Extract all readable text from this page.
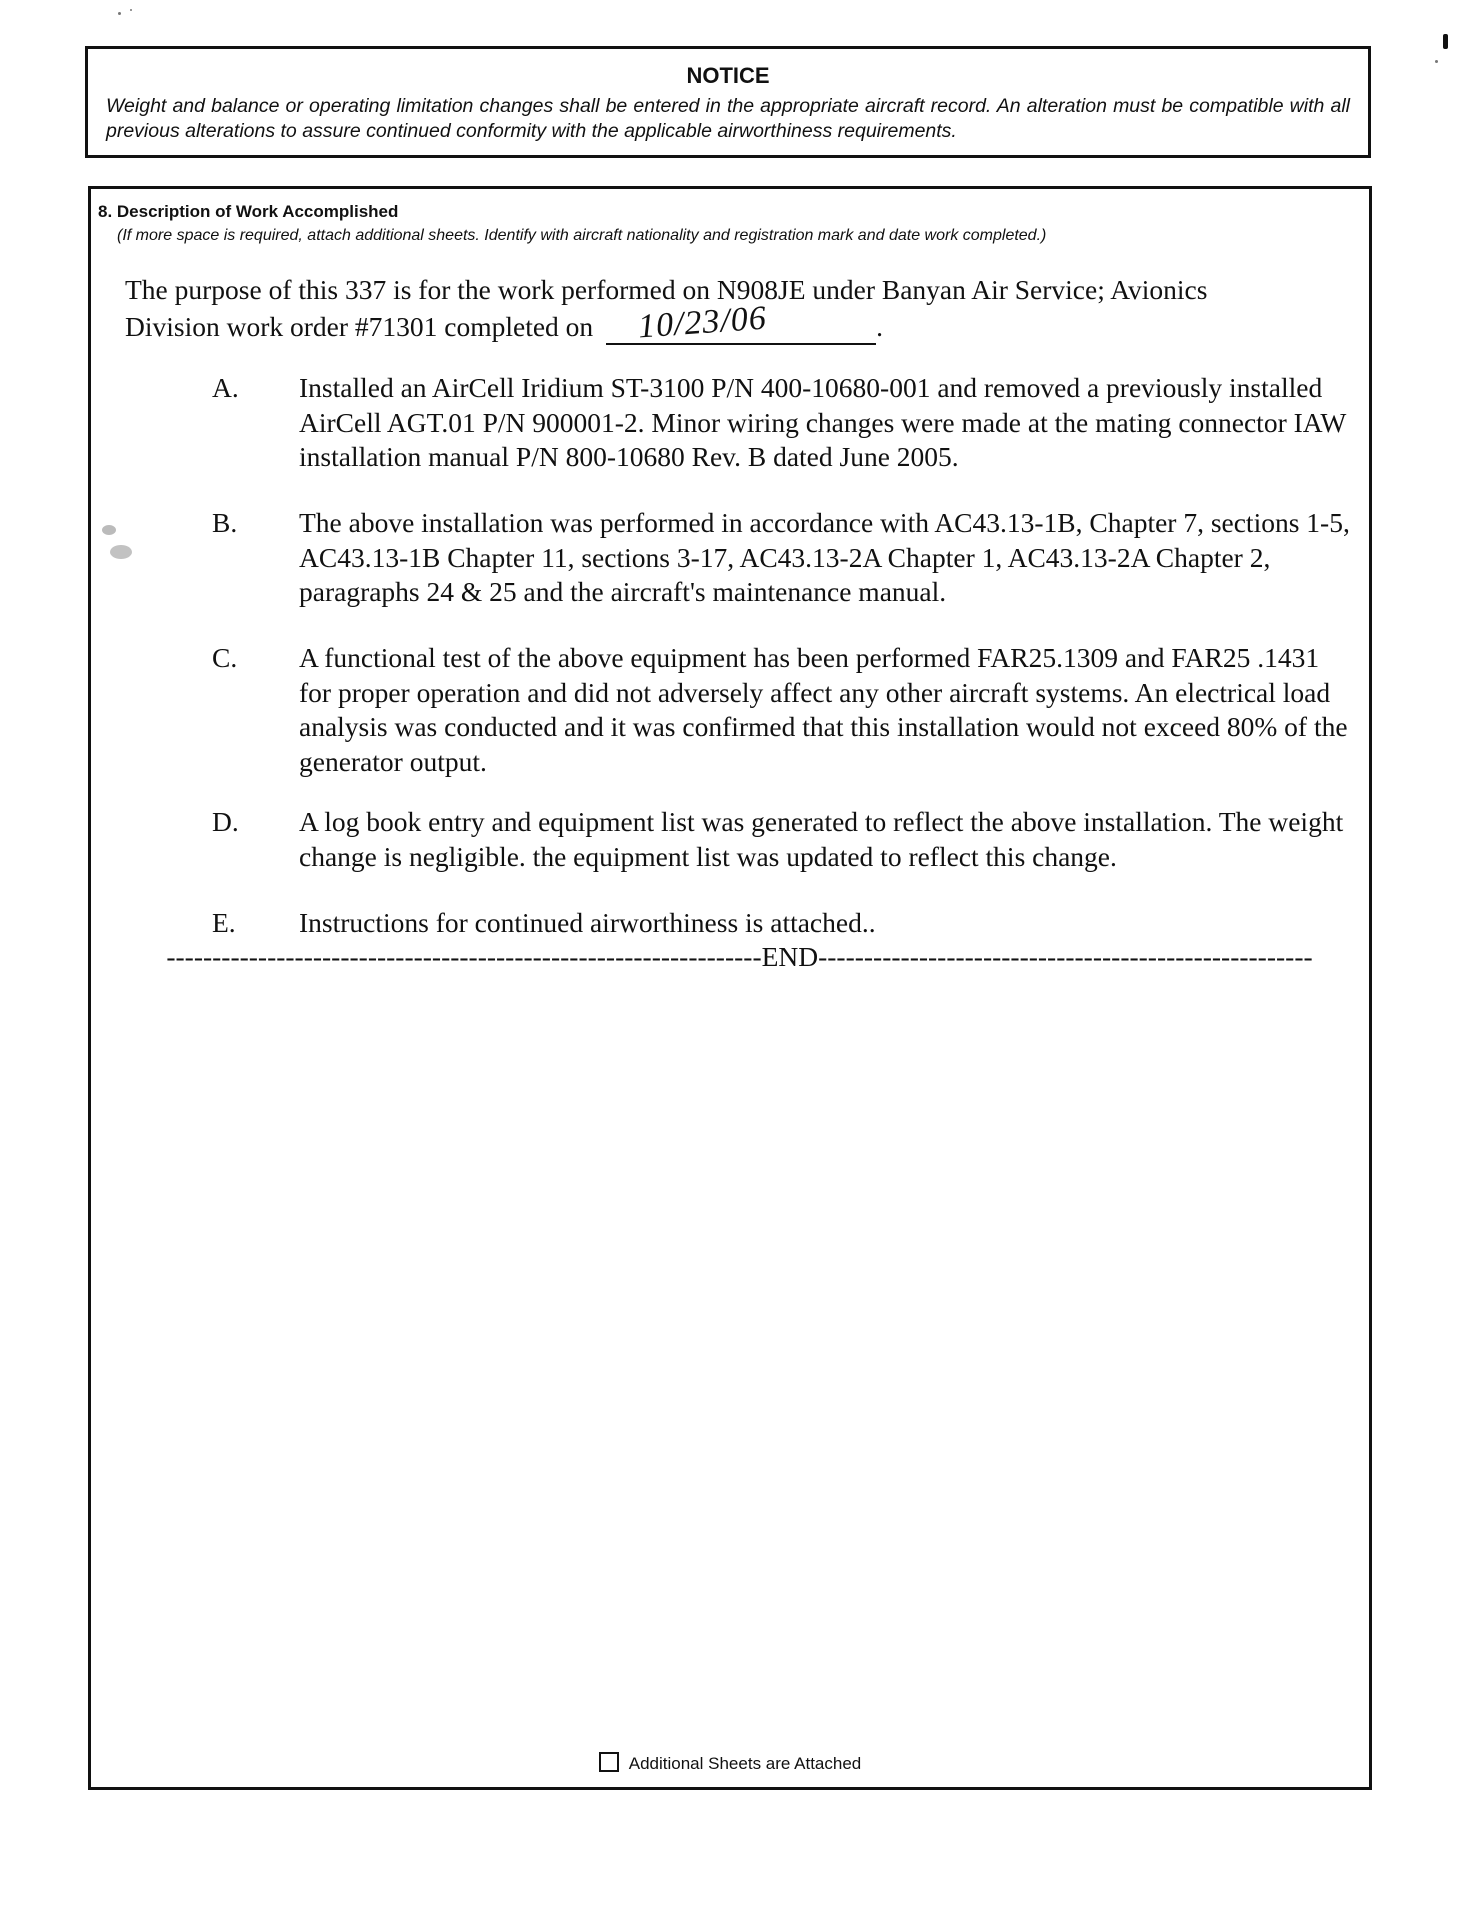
NOTICE
Weight and balance or operating limitation changes shall be entered in the appropriate aircraft record. An alteration must be compatible with all previous alterations to assure continued conformity with the applicable airworthiness requirements.
8. Description of Work Accomplished
(If more space is required, attach additional sheets. Identify with aircraft nationality and registration mark and date work completed.)
The purpose of this 337 is for the work performed on N908JE under Banyan Air Service; Avionics Division work order #71301 completed on 10/23/06	.
A. Installed an AirCell Iridium ST-3100 P/N 400-10680-001 and removed a previously installed AirCell AGT.01 P/N 900001-2. Minor wiring changes were made at the mating connector IAW installation manual P/N 800-10680 Rev. B dated June 2005.
B. The above installation was performed in accordance with AC43.13-1B, Chapter 7, sections 1-5, AC43.13-1B Chapter 11, sections 3-17, AC43.13-2A Chapter 1, AC43.13-2A Chapter 2, paragraphs 24 & 25 and the aircraft's maintenance manual.
C. A functional test of the above equipment has been performed FAR25.1309 and FAR25 .1431 for proper operation and did not adversely affect any other aircraft systems. An electrical load analysis was conducted and it was confirmed that this installation would not exceed 80% of the generator output.
D. A log book entry and equipment list was generated to reflect the above installation. The weight change is negligible. the equipment list was updated to reflect this change.
E. Instructions for continued airworthiness is attached..
-----------------------------------------------------------------END------------------------------------------------------
Additional Sheets are Attached
